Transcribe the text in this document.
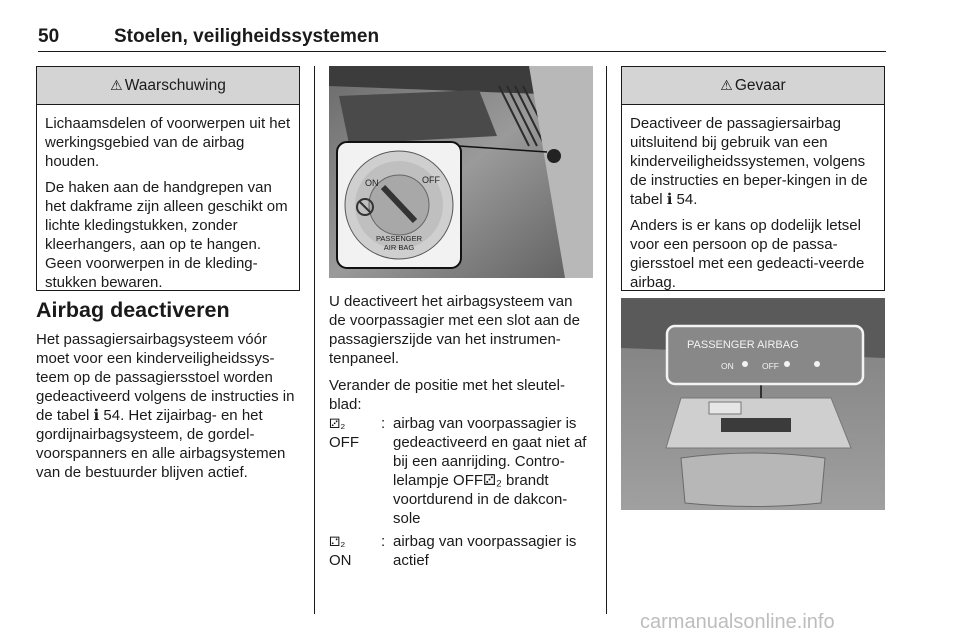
50	Stoelen, veiligheidssystemen
⚠ Waarschuwing

Lichaamsdelen of voorwerpen uit het werkingsgebied van de airbag houden.

De haken aan de handgrepen van het dakframe zijn alleen geschikt om lichte kledingstukken, zonder kleerhangers, aan op te hangen. Geen voorwerpen in de kleding-stukken bewaren.

Airbag deactiveren
Het passagiersairbagsysteem vóór moet voor een kinderveiligheidssys-teem op de passagiersstoel worden gedeactiveerd volgens de instructies in de tabel ℹ 54. Het zijairbag- en het gordijnairbagsysteem, de gordel-voorspanners en alle airbagsystemen van de bestuurder blijven actief.
ON	OFF
PASSENGER
AIR BAG

U deactiveert het airbagsysteem van de voorpassagier met een slot aan de passagierszijde van het instrumen-tenpaneel.

Verander de positie met het sleutel-blad:

⚂₂
OFF
: airbag van voorpassagier is gedeactiveerd en gaat niet af bij een aanrijding. Contro-lelampje OFF⚂₂ brandt voortdurend in de dakcon-sole
⚁₂
ON
: airbag van voorpassagier is actief
⚠ Gevaar

Deactiveer de passagiersairbag uitsluitend bij gebruik van een kinderveiligheidssystemen, volgens de instructies en beper-kingen in de tabel ℹ 54.

Anders is er kans op dodelijk letsel voor een persoon op de passa-giersstoel met een gedeacti-veerde airbag.

PASSENGER AIRBAG
ON	OFF
carmanualsonline.info
